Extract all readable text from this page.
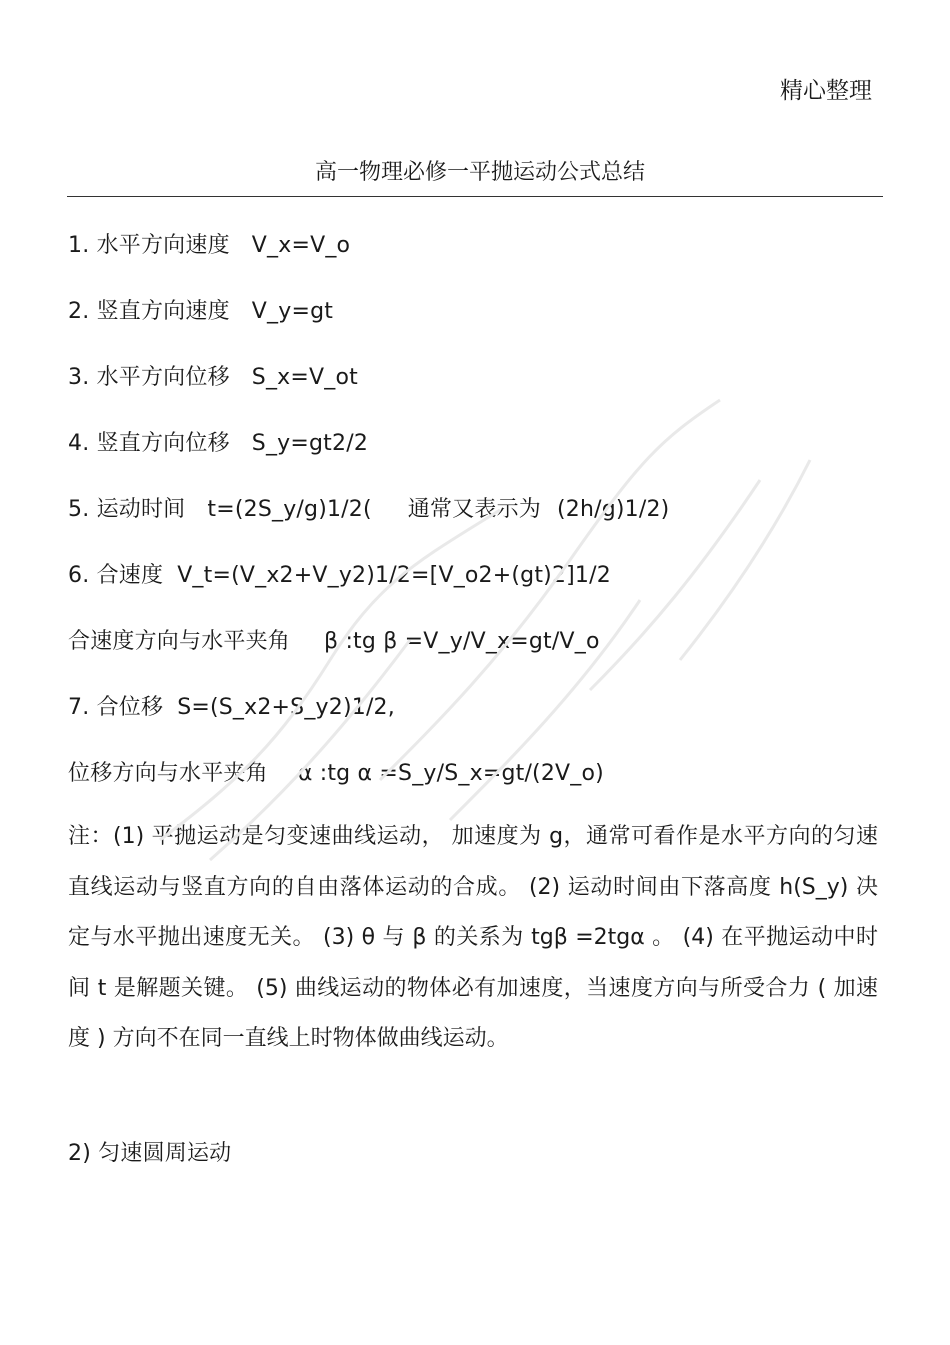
精心整理
高一物理必修一平抛运动公式总结
1. 水平方向速度 V_x=V_o
2. 竖直方向速度 V_y=gt
3. 水平方向位移 S_x=V_ot
4. 竖直方向位移 S_y=gt2/2
5. 运动时间 t=(2S_y/g)1/2( 通常又表示为 (2h/g)1/2)
6. 合速度 V_t=(V_x2+V_y2)1/2=[V_o2+(gt)2]1/2
合速度方向与水平夹角 β :tg β =V_y/V_x=gt/V_o
7. 合位移 S=(S_x2+S_y2)1/2,
位移方向与水平夹角 α :tg α =S_y/S_x=gt/(2V_o)
注：(1) 平抛运动是匀变速曲线运动， 加速度为 g，通常可看作是水平方向的匀速直线运动与竖直方向的自由落体运动的合成。 (2) 运动时间由下落高度 h(S_y) 决定与水平抛出速度无关。 (3) θ 与 β 的关系为 tgβ =2tgα 。 (4) 在平抛运动中时间 t 是解题关键。 (5) 曲线运动的物体必有加速度，当速度方向与所受合力 ( 加速度 ) 方向不在同一直线上时物体做曲线运动。
2) 匀速圆周运动
